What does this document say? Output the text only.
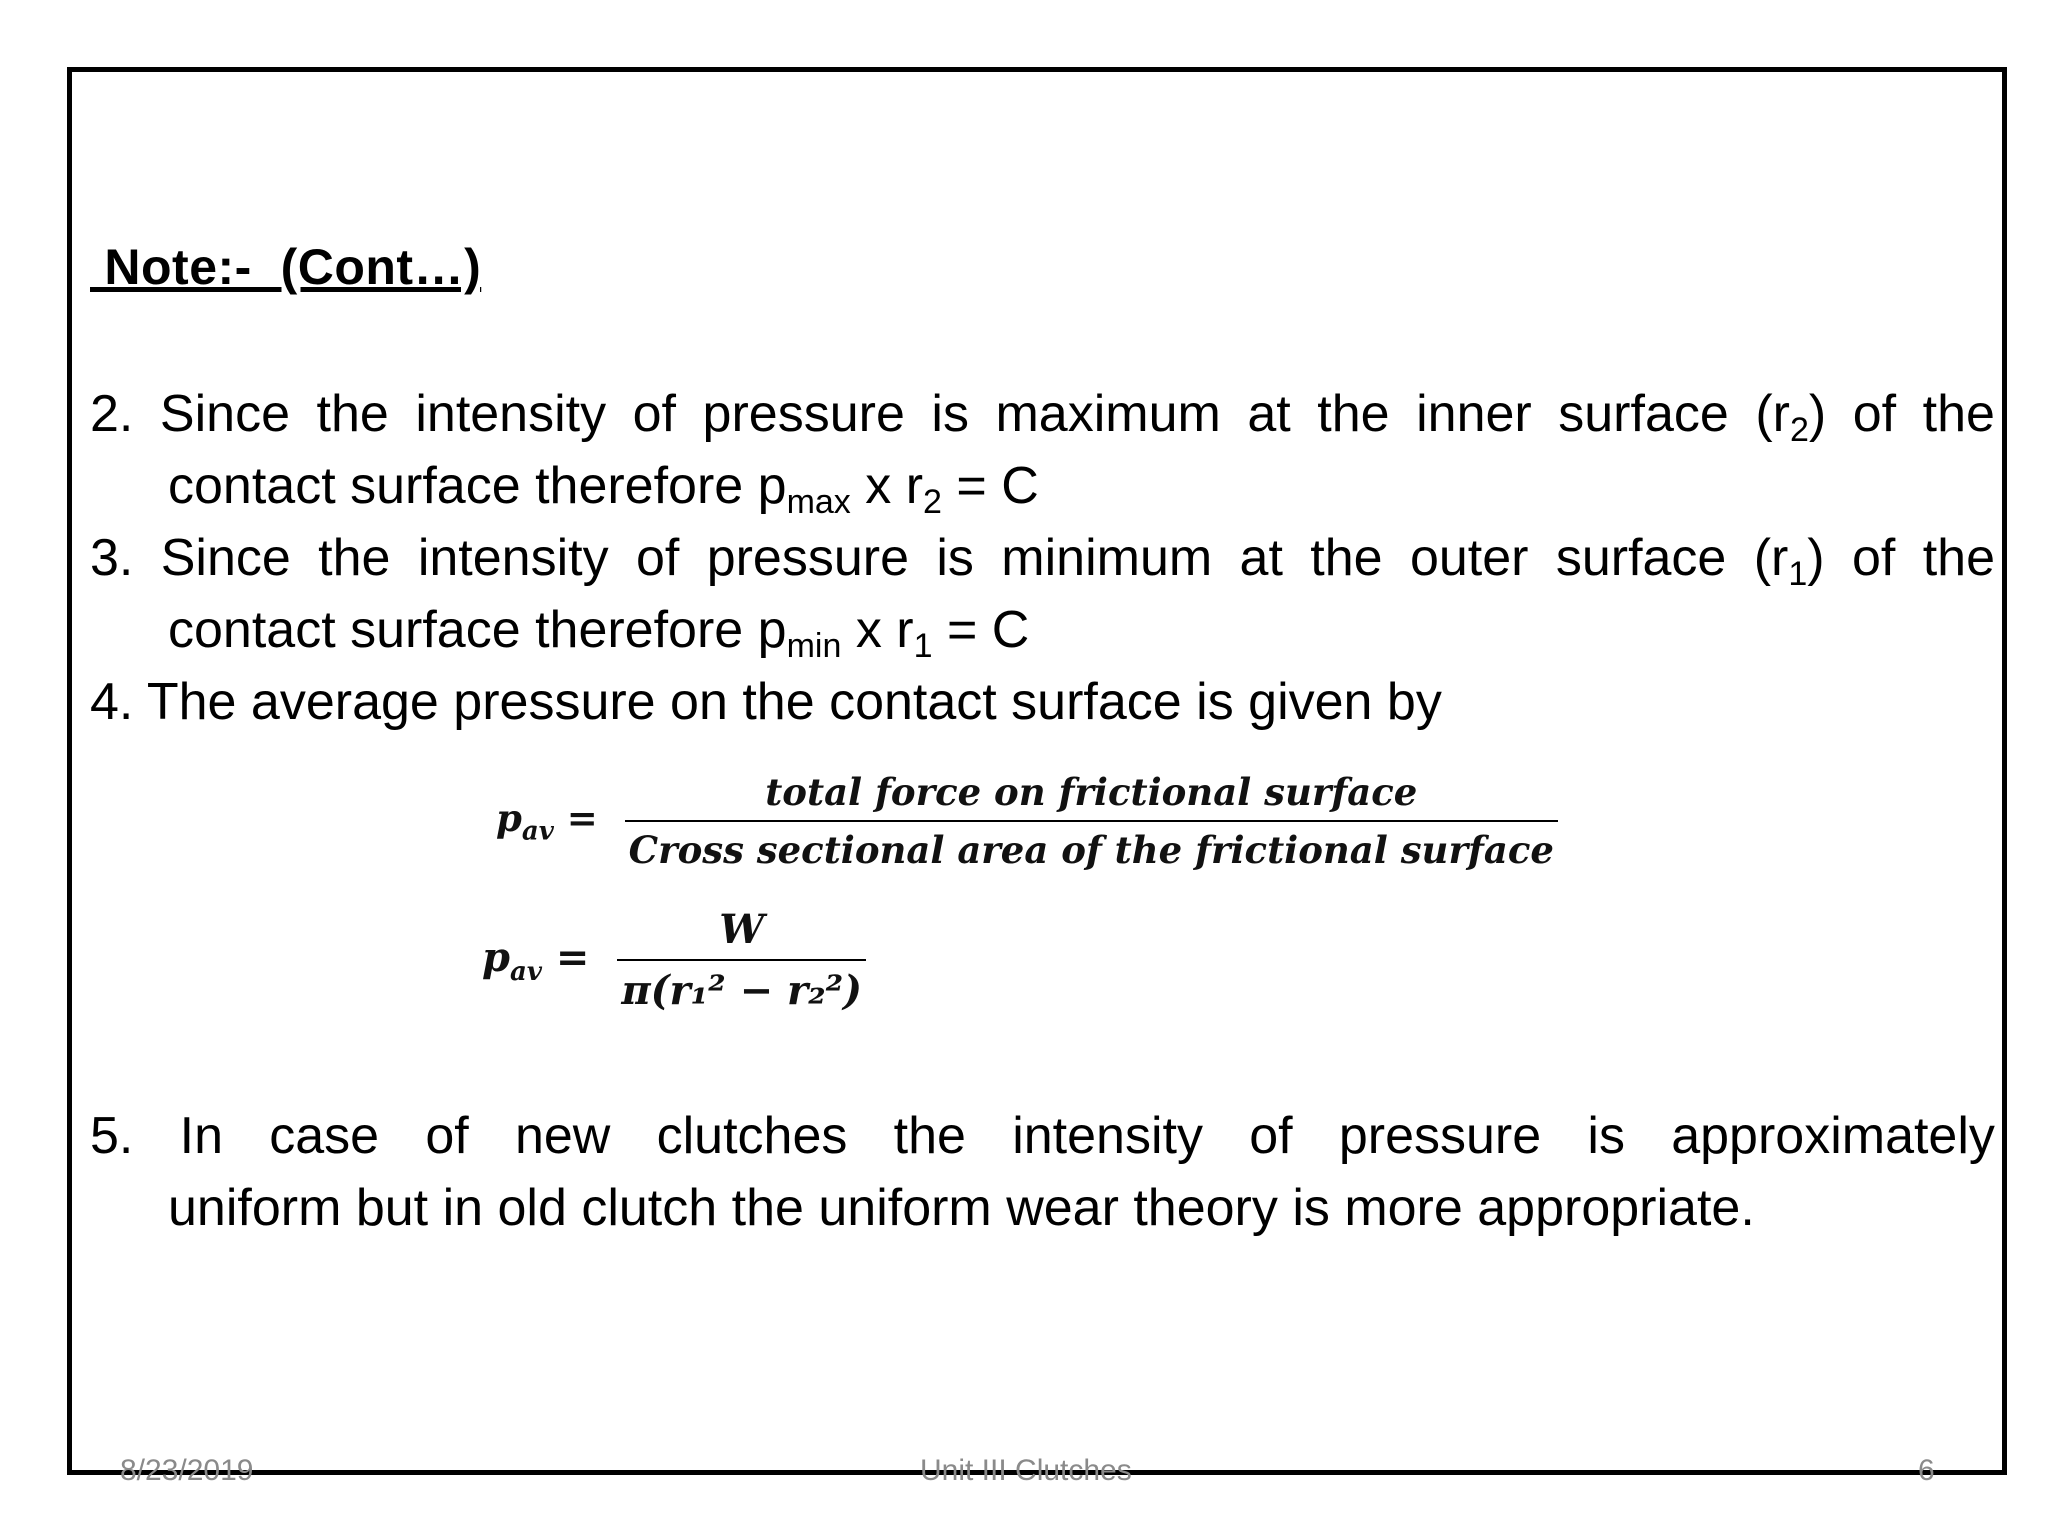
Note:-  (Cont…)
2. Since the intensity of pressure is maximum at the inner surface $(r_2)$ of the
contact surface therefore $p_{max}$ x $r_2 = C$
3. Since the intensity of pressure is minimum at the outer surface $(r_1)$ of the
contact surface therefore $p_{min}$ x $r_1 = C$
4. The average pressure on the contact surface is given by
$p_{av} = \frac{\text{total force on frictional surface}}{\text{Cross sectional area of the frictional surface}}$
$p_{av} = \frac{W}{\text{π(r₁² − r₂²)}}$
5. In case of new clutches the intensity of pressure is approximately
uniform but in old clutch the uniform wear theory is more appropriate.
8/23/2019	Unit III Clutches	6
